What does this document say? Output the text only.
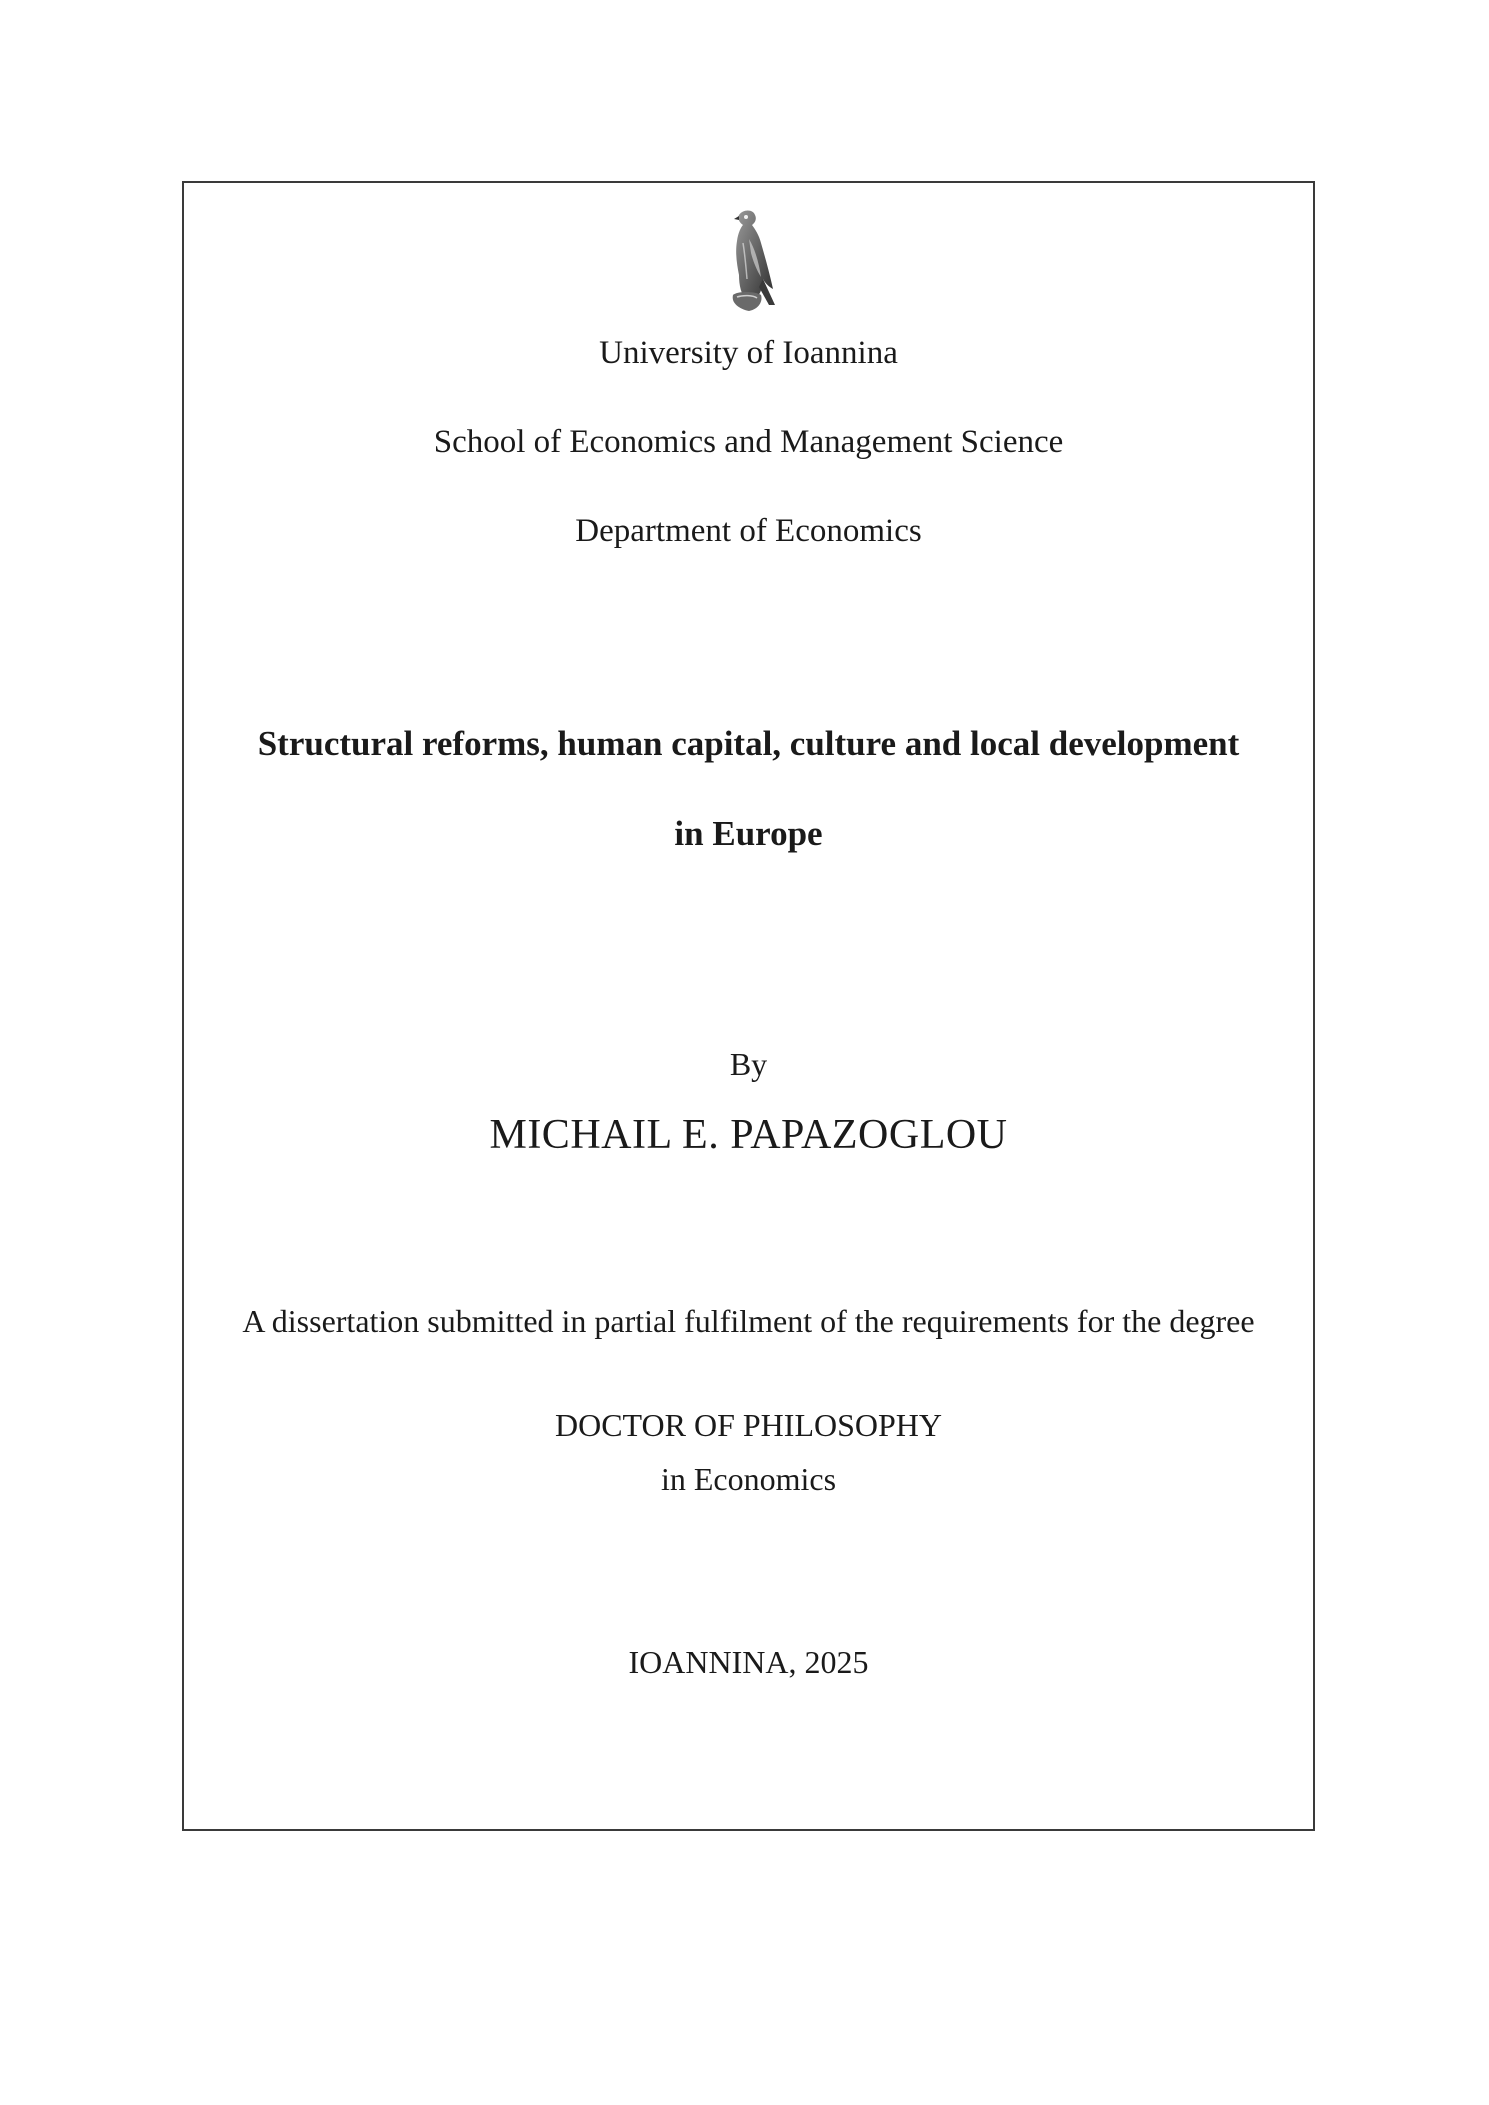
University of Ioannina
School of Economics and Management Science
Department of Economics
Structural reforms, human capital, culture and local development
in Europe
By
MICHAIL E. PAPAZOGLOU
A dissertation submitted in partial fulfilment of the requirements for the degree
DOCTOR OF PHILOSOPHY
in Economics
IOANNINA, 2025
